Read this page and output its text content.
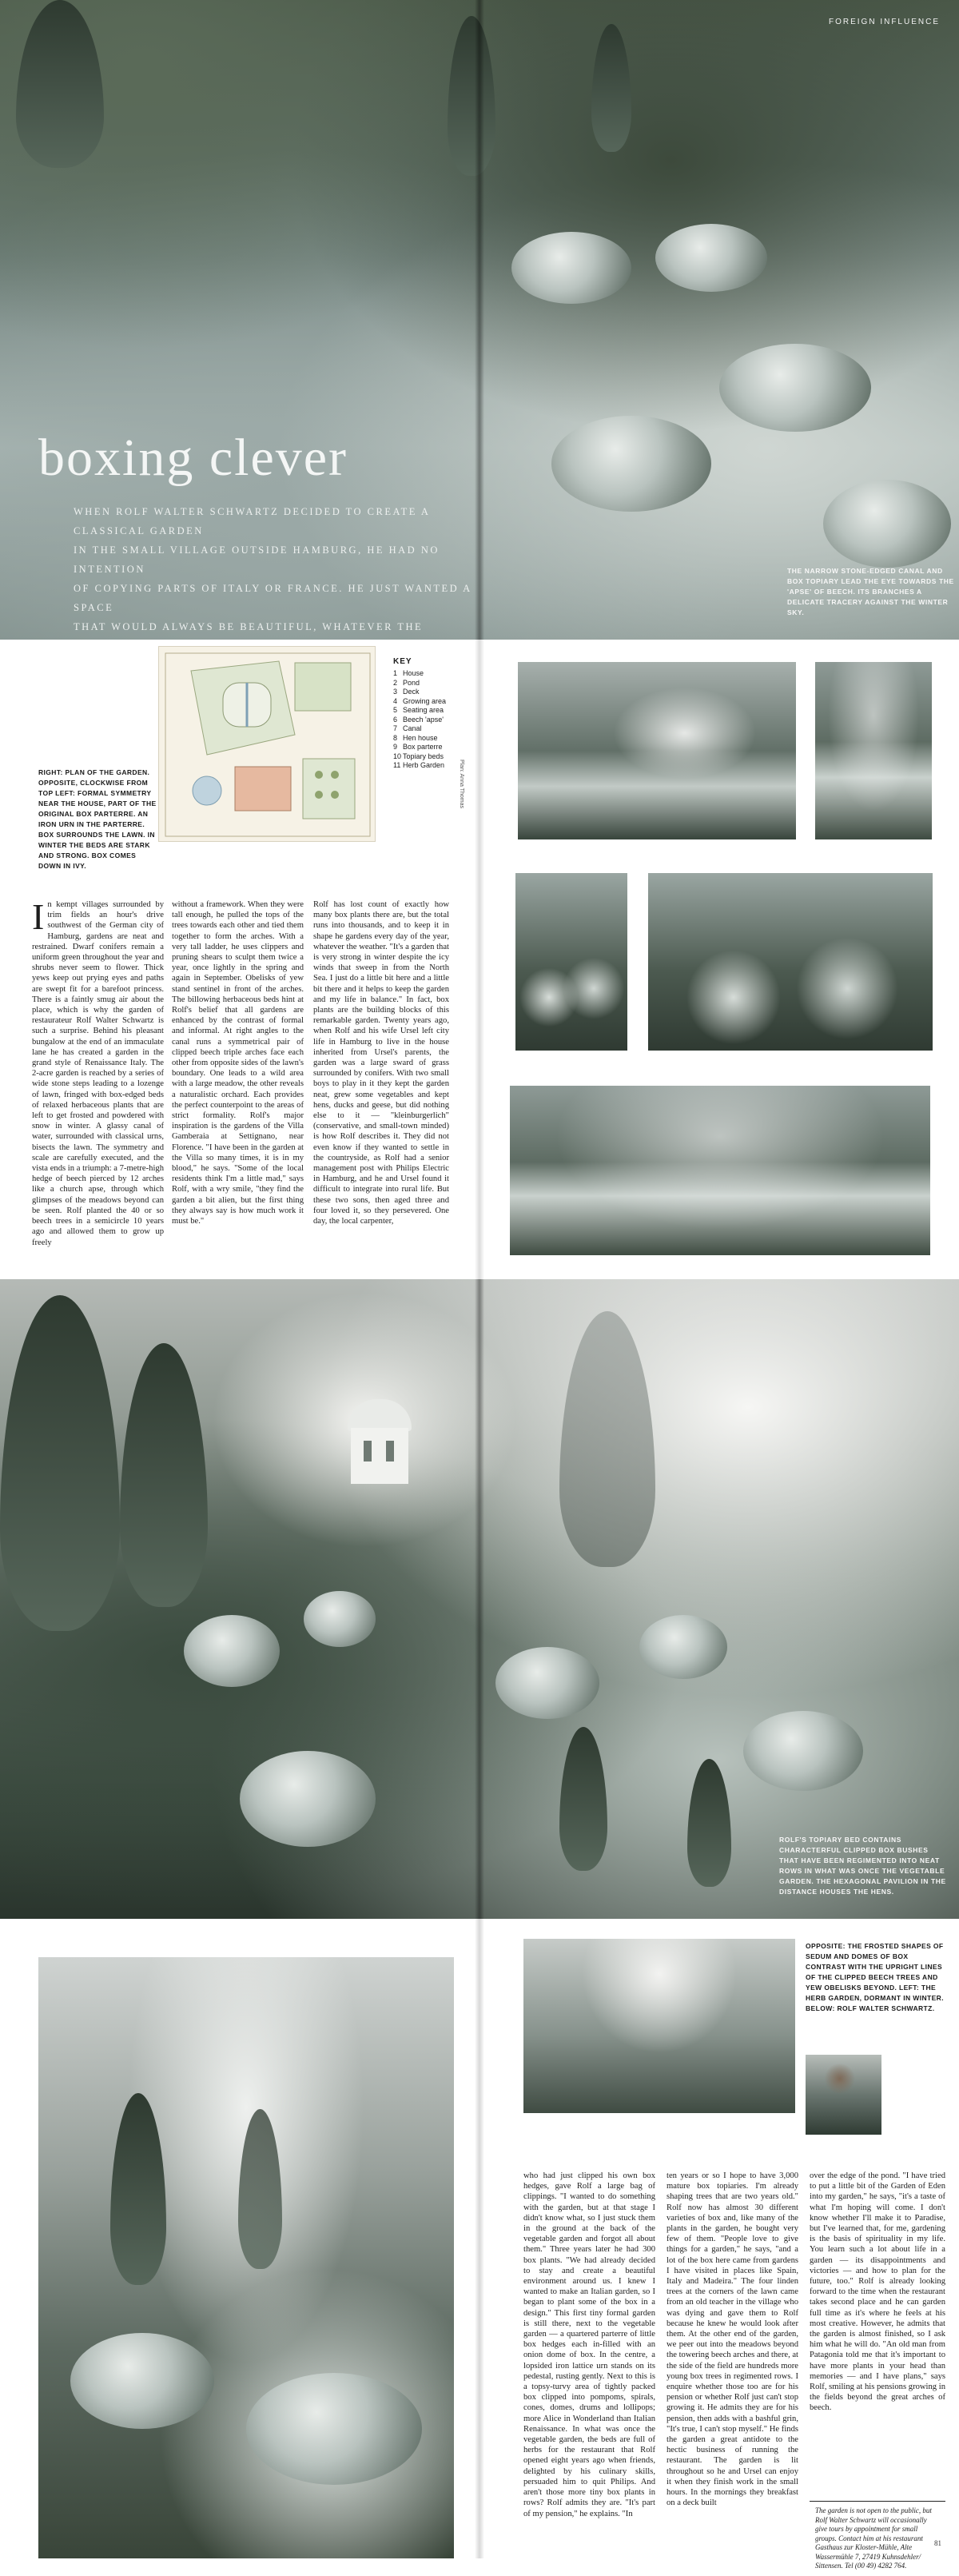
FOREIGN INFLUENCE
boxing clever
WHEN ROLF WALTER SCHWARTZ DECIDED TO CREATE A CLASSICAL GARDEN
IN THE SMALL VILLAGE OUTSIDE HAMBURG, HE HAD NO INTENTION
OF COPYING PARTS OF ITALY OR FRANCE. HE JUST WANTED A SPACE
THAT WOULD ALWAYS BE BEAUTIFUL, WHATEVER THE
THE NARROW STONE-EDGED CANAL AND BOX TOPIARY LEAD THE EYE TOWARDS THE 'APSE' OF BEECH. ITS BRANCHES A DELICATE TRACERY AGAINST THE WINTER SKY.
KEY
1 House
2 Pond
3 Deck
4 Growing area
5 Seating area
6 Beech 'apse'
7 Canal
8 Hen house
9 Box parterre
10 Topiary beds
11 Herb Garden	Plan: Anna Thomas
RIGHT: PLAN OF THE GARDEN. OPPOSITE, CLOCKWISE FROM TOP LEFT: FORMAL SYMMETRY NEAR THE HOUSE, PART OF THE ORIGINAL BOX PARTERRE. AN IRON URN IN THE PARTERRE. BOX SURROUNDS THE LAWN. IN WINTER THE BEDS ARE STARK AND STRONG. BOX COMES DOWN IN IVY.
In kempt villages surrounded by trim fields an hour's drive southwest of the German city of Hamburg, gardens are neat and restrained. Dwarf conifers remain a uniform green throughout the year and shrubs never seem to flower. Thick yews keep out prying eyes and paths are swept fit for a barefoot princess. There is a faintly smug air about the place, which is why the garden of restaurateur Rolf Walter Schwartz is such a surprise. Behind his pleasant bungalow at the end of an immaculate lane he has created a garden in the grand style of Renaissance Italy. The 2-acre garden is reached by a series of wide stone steps leading to a lozenge of lawn, fringed with box-edged beds of relaxed herbaceous plants that are left to get frosted and powdered with snow in winter. A glassy canal of water, surrounded with classical urns, bisects the lawn. The symmetry and scale are carefully executed, and the vista ends in a triumph: a 7-metre-high hedge of beech pierced by 12 arches like a church apse, through which glimpses of the meadows beyond can be seen. Rolf planted the 40 or so beech trees in a semicircle 10 years ago and allowed them to grow up freely
without a framework. When they were tall enough, he pulled the tops of the trees towards each other and tied them together to form the arches. With a very tall ladder, he uses clippers and pruning shears to sculpt them twice a year, once lightly in the spring and again in September. Obelisks of yew stand sentinel in front of the arches. The billowing herbaceous beds hint at Rolf's belief that all gardens are enhanced by the contrast of formal and informal. At right angles to the canal runs a symmetrical pair of clipped beech triple arches face each other from opposite sides of the lawn's boundary. One leads to a wild area with a large meadow, the other reveals a naturalistic orchard. Each provides the perfect counterpoint to the areas of strict formality. Rolf's major inspiration is the gardens of the Villa Gamberaia at Settignano, near Florence. "I have been in the garden at the Villa so many times, it is in my blood," he says. "Some of the local residents think I'm a little mad," says Rolf, with a wry smile, "they find the garden a bit alien, but the first thing they always say is how much work it must be."
Rolf has lost count of exactly how many box plants there are, but the total runs into thousands, and to keep it in shape he gardens every day of the year, whatever the weather. "It's a garden that is very strong in winter despite the icy winds that sweep in from the North Sea. I just do a little bit here and a little bit there and it helps to keep the garden and my life in balance." In fact, box plants are the building blocks of this remarkable garden. Twenty years ago, when Rolf and his wife Ursel left city life in Hamburg to live in the house inherited from Ursel's parents, the garden was a large sward of grass surrounded by conifers. With two small boys to play in it they kept the garden neat, grew some vegetables and kept hens, ducks and geese, but did nothing else to it — "kleinburgerlich" (conservative, and small-town minded) is how Rolf describes it. They did not even know if they wanted to settle in the countryside, as Rolf had a senior management post with Philips Electric in Hamburg, and he and Ursel found it difficult to integrate into rural life. But these two sons, then aged three and four loved it, so they persevered. One day, the local carpenter,
ROLF'S TOPIARY BED CONTAINS CHARACTERFUL CLIPPED BOX BUSHES THAT HAVE BEEN REGIMENTED INTO NEAT ROWS IN WHAT WAS ONCE THE VEGETABLE GARDEN. THE HEXAGONAL PAVILION IN THE DISTANCE HOUSES THE HENS.
OPPOSITE: THE FROSTED SHAPES OF SEDUM AND DOMES OF BOX CONTRAST WITH THE UPRIGHT LINES OF THE CLIPPED BEECH TREES AND YEW OBELISKS BEYOND. LEFT: THE HERB GARDEN, DORMANT IN WINTER. BELOW: ROLF WALTER SCHWARTZ.
who had just clipped his own box hedges, gave Rolf a large bag of clippings. "I wanted to do something with the garden, but at that stage I didn't know what, so I just stuck them in the ground at the back of the vegetable garden and forgot all about them." Three years later he had 300 box plants. "We had already decided to stay and create a beautiful environment around us. I knew I wanted to make an Italian garden, so I began to plant some of the box in a design." This first tiny formal garden is still there, next to the vegetable garden — a quartered parterre of little box hedges each in-filled with an onion dome of box. In the centre, a lopsided iron lattice urn stands on its pedestal, rusting gently. Next to this is a topsy-turvy area of tightly packed box clipped into pompoms, spirals, cones, domes, drums and lollipops; more Alice in Wonderland than Italian Renaissance. In what was once the vegetable garden, the beds are full of herbs for the restaurant that Rolf opened eight years ago when friends, delighted by his culinary skills, persuaded him to quit Philips. And aren't those more tiny box plants in rows? Rolf admits they are. "It's part of my pension," he explains. "In
ten years or so I hope to have 3,000 mature box topiaries. I'm already shaping trees that are two years old." Rolf now has almost 30 different varieties of box and, like many of the plants in the garden, he bought very few of them. "People love to give things for a garden," he says, "and a lot of the box here came from gardens I have visited in places like Spain, Italy and Madeira." The four linden trees at the corners of the lawn came from an old teacher in the village who was dying and gave them to Rolf because he knew he would look after them. At the other end of the garden, we peer out into the meadows beyond the towering beech arches and there, at the side of the field are hundreds more young box trees in regimented rows. I enquire whether those too are for his pension or whether Rolf just can't stop growing it. He admits they are for his pension, then adds with a bashful grin, "It's true, I can't stop myself." He finds the garden a great antidote to the hectic business of running the restaurant. The garden is lit throughout so he and Ursel can enjoy it when they finish work in the small hours. In the mornings they breakfast on a deck built
over the edge of the pond. "I have tried to put a little bit of the Garden of Eden into my garden," he says, "it's a taste of what I'm hoping will come. I don't know whether I'll make it to Paradise, but I've learned that, for me, gardening is the basis of spirituality in my life. You learn such a lot about life in a garden — its disappointments and victories — and how to plan for the future, too." Rolf is already looking forward to the time when the restaurant takes second place and he can garden full time as it's where he feels at his most creative. However, he admits that the garden is almost finished, so I ask him what he will do. "An old man from Patagonia told me that it's important to have more plants in your head than memories — and I have plans," says Rolf, smiling at his pensions growing in the fields beyond the great arches of beech.
The garden is not open to the public, but Rolf Walter Schwartz will occasionally give tours by appointment for small groups. Contact him at his restaurant Gasthaus zur Kloster-Mühle, Alte Wassermühle 7, 27419 Kuhnsdehler/ Sittensen. Tel (00 49) 4282 764.
81
